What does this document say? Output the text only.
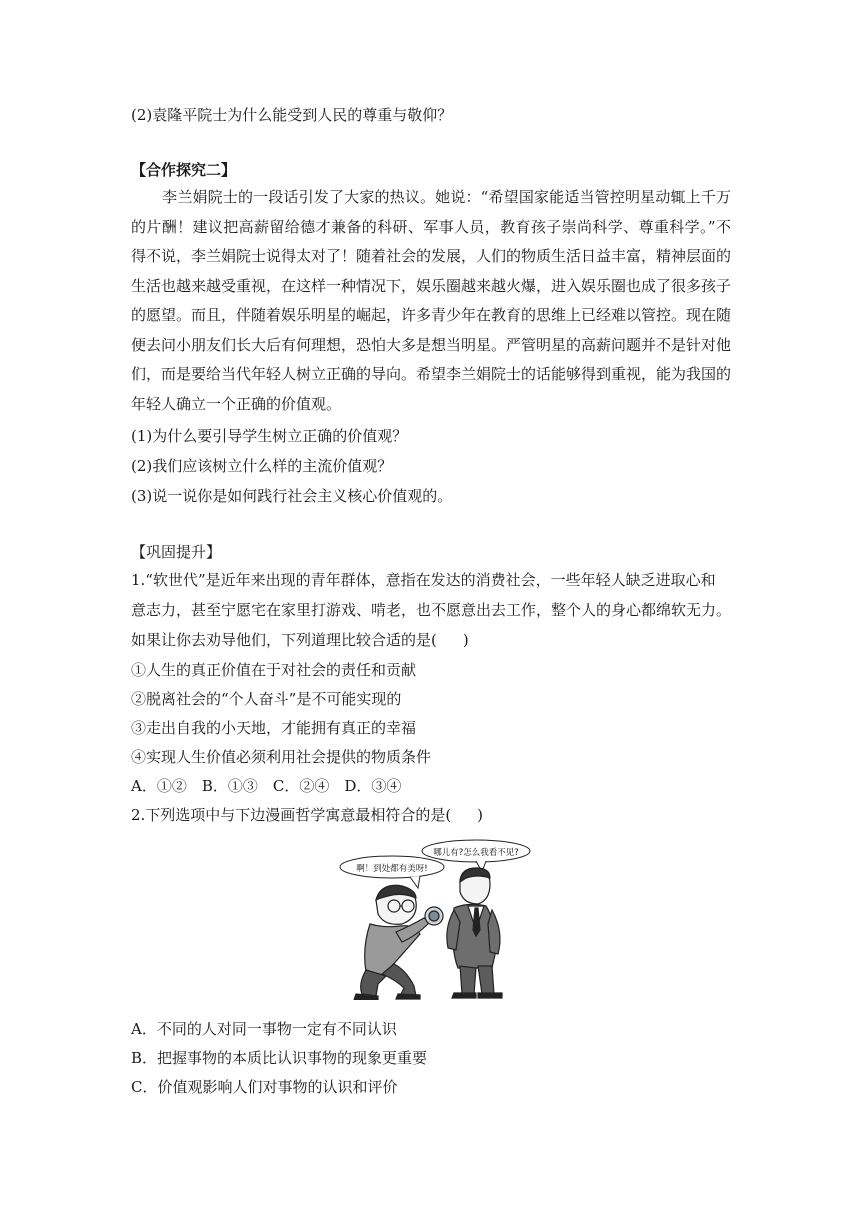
(2)袁隆平院士为什么能受到人民的尊重与敬仰？
【合作探究二】
李兰娟院士的一段话引发了大家的热议。她说：“希望国家能适当管控明星动辄上千万的片酬！建议把高薪留给德才兼备的科研、军事人员，教育孩子崇尚科学、尊重科学。”不得不说，李兰娟院士说得太对了！随着社会的发展，人们的物质生活日益丰富，精神层面的生活也越来越受重视，在这样一种情况下，娱乐圈越来越火爆，进入娱乐圈也成了很多孩子的愿望。而且，伴随着娱乐明星的崛起，许多青少年在教育的思维上已经难以管控。现在随便去问小朋友们长大后有何理想，恐怕大多是想当明星。严管明星的高薪问题并不是针对他们，而是要给当代年轻人树立正确的导向。希望李兰娟院士的话能够得到重视，能为我国的年轻人确立一个正确的价值观。
(1)为什么要引导学生树立正确的价值观？
(2)我们应该树立什么样的主流价值观？
(3)说一说你是如何践行社会主义核心价值观的。
【巩固提升】
1.“软世代”是近年来出现的青年群体，意指在发达的消费社会，一些年轻人缺乏进取心和
意志力，甚至宁愿宅在家里打游戏、啃老，也不愿意出去工作，整个人的身心都绵软无力。
如果让你去劝导他们，下列道理比较合适的是( )
①人生的真正价值在于对社会的责任和贡献
②脱离社会的“个人奋斗”是不可能实现的
③走出自我的小天地，才能拥有真正的幸福
④实现人生价值必须利用社会提供的物质条件
A．①②　B．①③　C．②④　D．③④
2.下列选项中与下边漫画哲学寓意最相符合的是( )
哪儿有?怎么我看不见?
啊！到处都有美呀!
A．不同的人对同一事物一定有不同认识
B．把握事物的本质比认识事物的现象更重要
C．价值观影响人们对事物的认识和评价
